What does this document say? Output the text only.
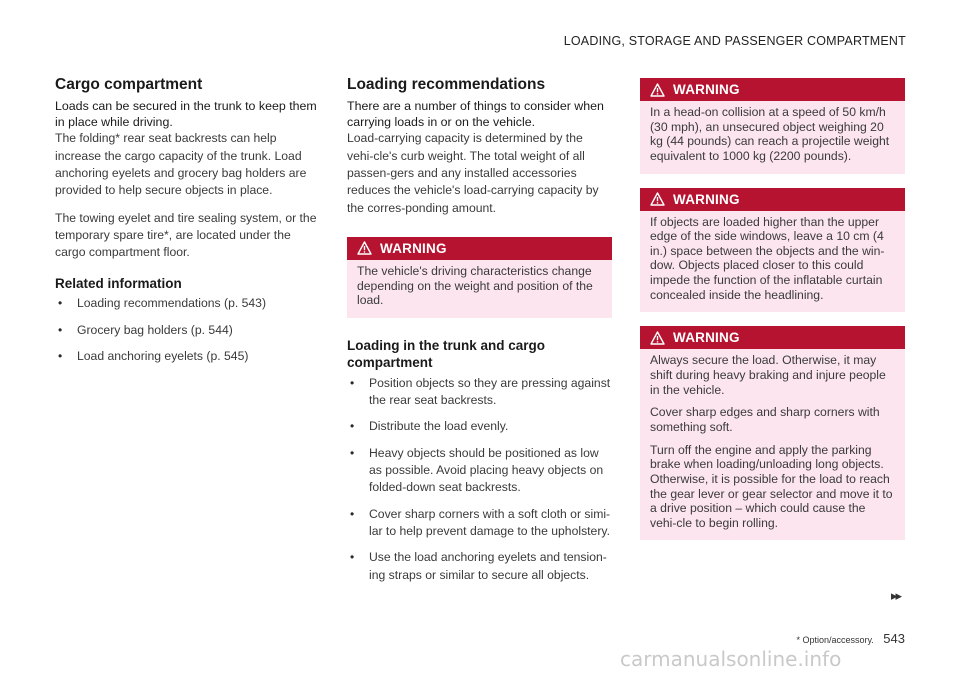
LOADING, STORAGE AND PASSENGER COMPARTMENT
Cargo compartment
Loads can be secured in the trunk to keep them in place while driving.

The folding* rear seat backrests can help increase the cargo capacity of the trunk. Load anchoring eyelets and grocery bag holders are provided to help secure objects in place.

The towing eyelet and tire sealing system, or the temporary spare tire*, are located under the cargo compartment floor.

Related information
• Loading recommendations (p. 543)
• Grocery bag holders (p. 544)
• Load anchoring eyelets (p. 545)
Loading recommendations
There are a number of things to consider when carrying loads in or on the vehicle.

Load-carrying capacity is determined by the vehi-cle's curb weight. The total weight of all passen-gers and any installed accessories reduces the vehicle's load-carrying capacity by the corres-ponding amount.

WARNING

The vehicle's driving characteristics change depending on the weight and position of the load.

Loading in the trunk and cargo compartment
• Position objects so they are pressing against the rear seat backrests.
• Distribute the load evenly.
• Heavy objects should be positioned as low as possible. Avoid placing heavy objects on folded-down seat backrests.
• Cover sharp corners with a soft cloth or simi-lar to help prevent damage to the upholstery.
• Use the load anchoring eyelets and tension-ing straps or similar to secure all objects.
WARNING

In a head-on collision at a speed of 50 km/h (30 mph), an unsecured object weighing 20 kg (44 pounds) can reach a projectile weight equivalent to 1000 kg (2200 pounds).

WARNING

If objects are loaded higher than the upper edge of the side windows, leave a 10 cm (4 in.) space between the objects and the win-dow. Objects placed closer to this could impede the function of the inflatable curtain concealed inside the headlining.

WARNING

Always secure the load. Otherwise, it may shift during heavy braking and injure people in the vehicle.

Cover sharp edges and sharp corners with something soft.

Turn off the engine and apply the parking brake when loading/unloading long objects. Otherwise, it is possible for the load to reach the gear lever or gear selector and move it to a drive position – which could cause the vehi-cle to begin rolling.

▸▸
* Option/accessory. 543
carmanualsonline.info
